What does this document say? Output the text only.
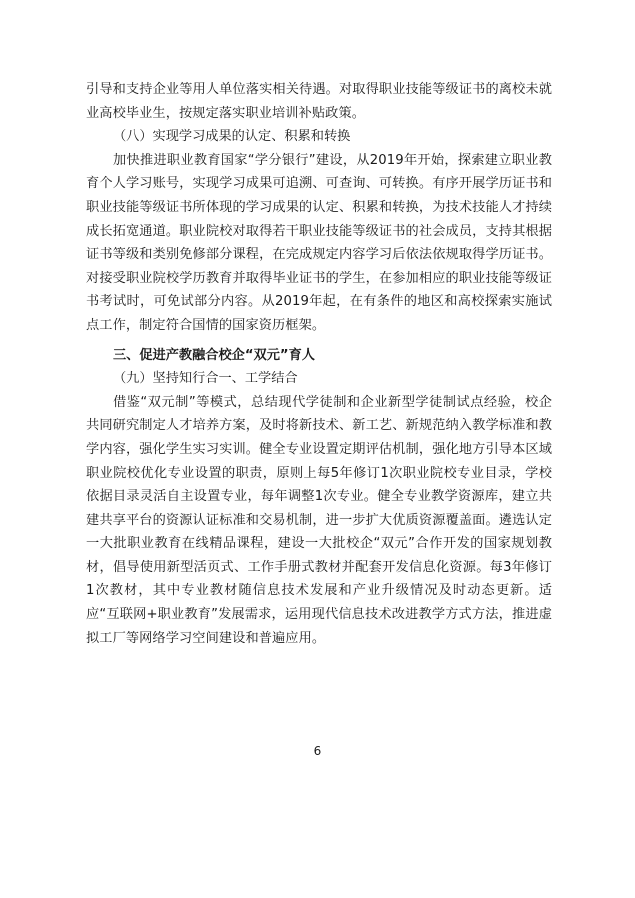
引导和支持企业等用人单位落实相关待遇。对取得职业技能等级证书的离校未就业高校毕业生，按规定落实职业培训补贴政策。

（八）实现学习成果的认定、积累和转换

加快推进职业教育国家“学分银行”建设，从2019年开始，探索建立职业教育个人学习账号，实现学习成果可追溯、可查询、可转换。有序开展学历证书和职业技能等级证书所体现的学习成果的认定、积累和转换，为技术技能人才持续成长拓宽通道。职业院校对取得若干职业技能等级证书的社会成员，支持其根据证书等级和类别免修部分课程，在完成规定内容学习后依法依规取得学历证书。对接受职业院校学历教育并取得毕业证书的学生，在参加相应的职业技能等级证书考试时，可免试部分内容。从2019年起，在有条件的地区和高校探索实施试点工作，制定符合国情的国家资历框架。

三、促进产教融合校企“双元”育人

（九）坚持知行合一、工学结合

借鉴“双元制”等模式，总结现代学徒制和企业新型学徒制试点经验，校企共同研究制定人才培养方案，及时将新技术、新工艺、新规范纳入教学标准和教学内容，强化学生实习实训。健全专业设置定期评估机制，强化地方引导本区域职业院校优化专业设置的职责，原则上每5年修订1次职业院校专业目录，学校依据目录灵活自主设置专业，每年调整1次专业。健全专业教学资源库，建立共建共享平台的资源认证标准和交易机制，进一步扩大优质资源覆盖面。遴选认定一大批职业教育在线精品课程，建设一大批校企“双元”合作开发的国家规划教材，倡导使用新型活页式、工作手册式教材并配套开发信息化资源。每3年修订1次教材，其中专业教材随信息技术发展和产业升级情况及时动态更新。适应“互联网+职业教育”发展需求，运用现代信息技术改进教学方式方法，推进虚拟工厂等网络学习空间建设和普遍应用。

6
